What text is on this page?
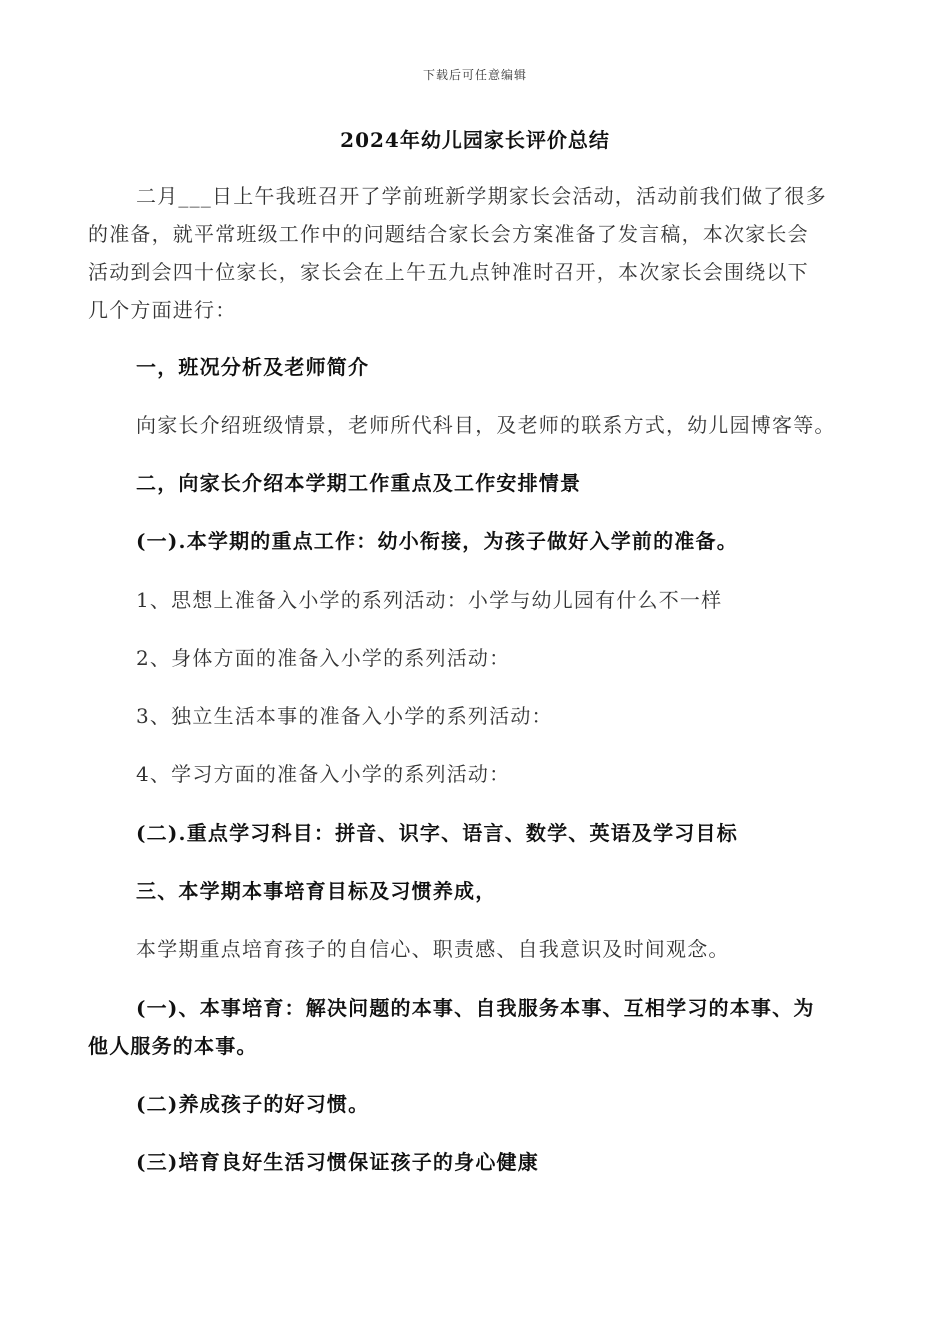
下载后可任意编辑
2024年幼儿园家长评价总结
二月___日上午我班召开了学前班新学期家长会活动，活动前我们做了很多
的准备，就平常班级工作中的问题结合家长会方案准备了发言稿，本次家长会
活动到会四十位家长，家长会在上午五九点钟准时召开，本次家长会围绕以下
几个方面进行：
一，班况分析及老师简介
向家长介绍班级情景，老师所代科目，及老师的联系方式，幼儿园博客等。
二，向家长介绍本学期工作重点及工作安排情景
(一).本学期的重点工作：幼小衔接，为孩子做好入学前的准备。
1、思想上准备入小学的系列活动：小学与幼儿园有什么不一样
2、身体方面的准备入小学的系列活动：
3、独立生活本事的准备入小学的系列活动：
4、学习方面的准备入小学的系列活动：
(二).重点学习科目：拼音、识字、语言、数学、英语及学习目标
三、本学期本事培育目标及习惯养成，
本学期重点培育孩子的自信心、职责感、自我意识及时间观念。
(一)、本事培育：解决问题的本事、自我服务本事、互相学习的本事、为
他人服务的本事。
(二)养成孩子的好习惯。
(三)培育良好生活习惯保证孩子的身心健康
